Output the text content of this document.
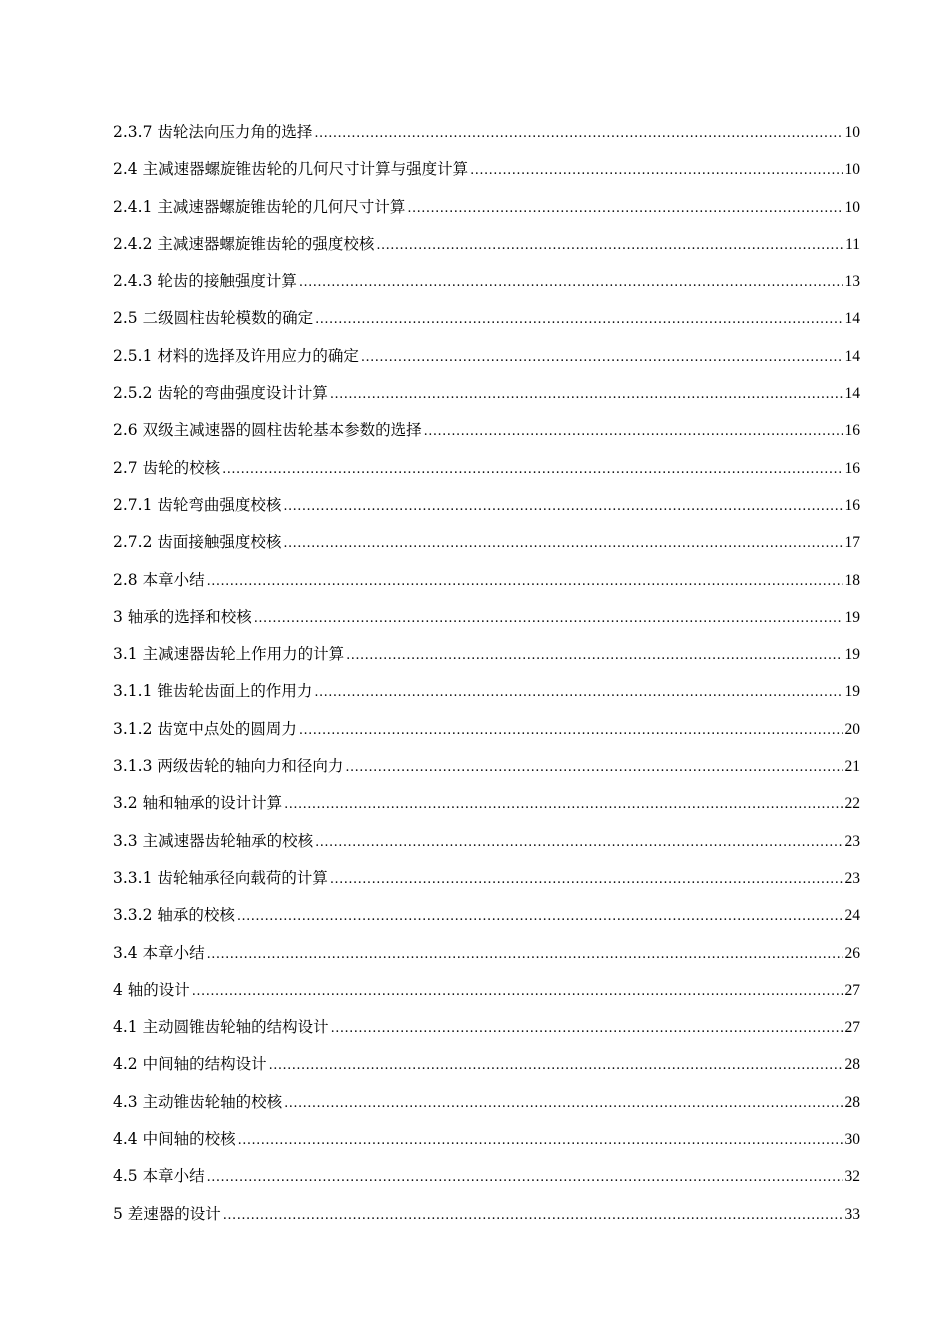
2.3.7 齿轮法向压力角的选择 .....	10
2.4 主减速器螺旋锥齿轮的几何尺寸计算与强度计算 .....	10
2.4.1 主减速器螺旋锥齿轮的几何尺寸计算 .....	10
2.4.2 主减速器螺旋锥齿轮的强度校核 .....	11
2.4.3 轮齿的接触强度计算 .....	13
2.5 二级圆柱齿轮模数的确定 .....	14
2.5.1 材料的选择及许用应力的确定 .....	14
2.5.2 齿轮的弯曲强度设计计算 .....	14
2.6 双级主减速器的圆柱齿轮基本参数的选择 .....	16
2.7 齿轮的校核 .....	16
2.7.1 齿轮弯曲强度校核 .....	16
2.7.2 齿面接触强度校核 .....	17
2.8 本章小结 .....	18
3 轴承的选择和校核 .....	19
3.1 主减速器齿轮上作用力的计算 .....	19
3.1.1 锥齿轮齿面上的作用力 .....	19
3.1.2 齿宽中点处的圆周力 .....	20
3.1.3 两级齿轮的轴向力和径向力 .....	21
3.2 轴和轴承的设计计算 .....	22
3.3 主减速器齿轮轴承的校核 .....	23
3.3.1 齿轮轴承径向载荷的计算 .....	23
3.3.2 轴承的校核 .....	24
3.4 本章小结 .....	26
4 轴的设计 .....	27
4.1 主动圆锥齿轮轴的结构设计 .....	27
4.2 中间轴的结构设计 .....	28
4.3 主动锥齿轮轴的校核 .....	28
4.4 中间轴的校核 .....	30
4.5 本章小结 .....	32
5 差速器的设计 .....	33
